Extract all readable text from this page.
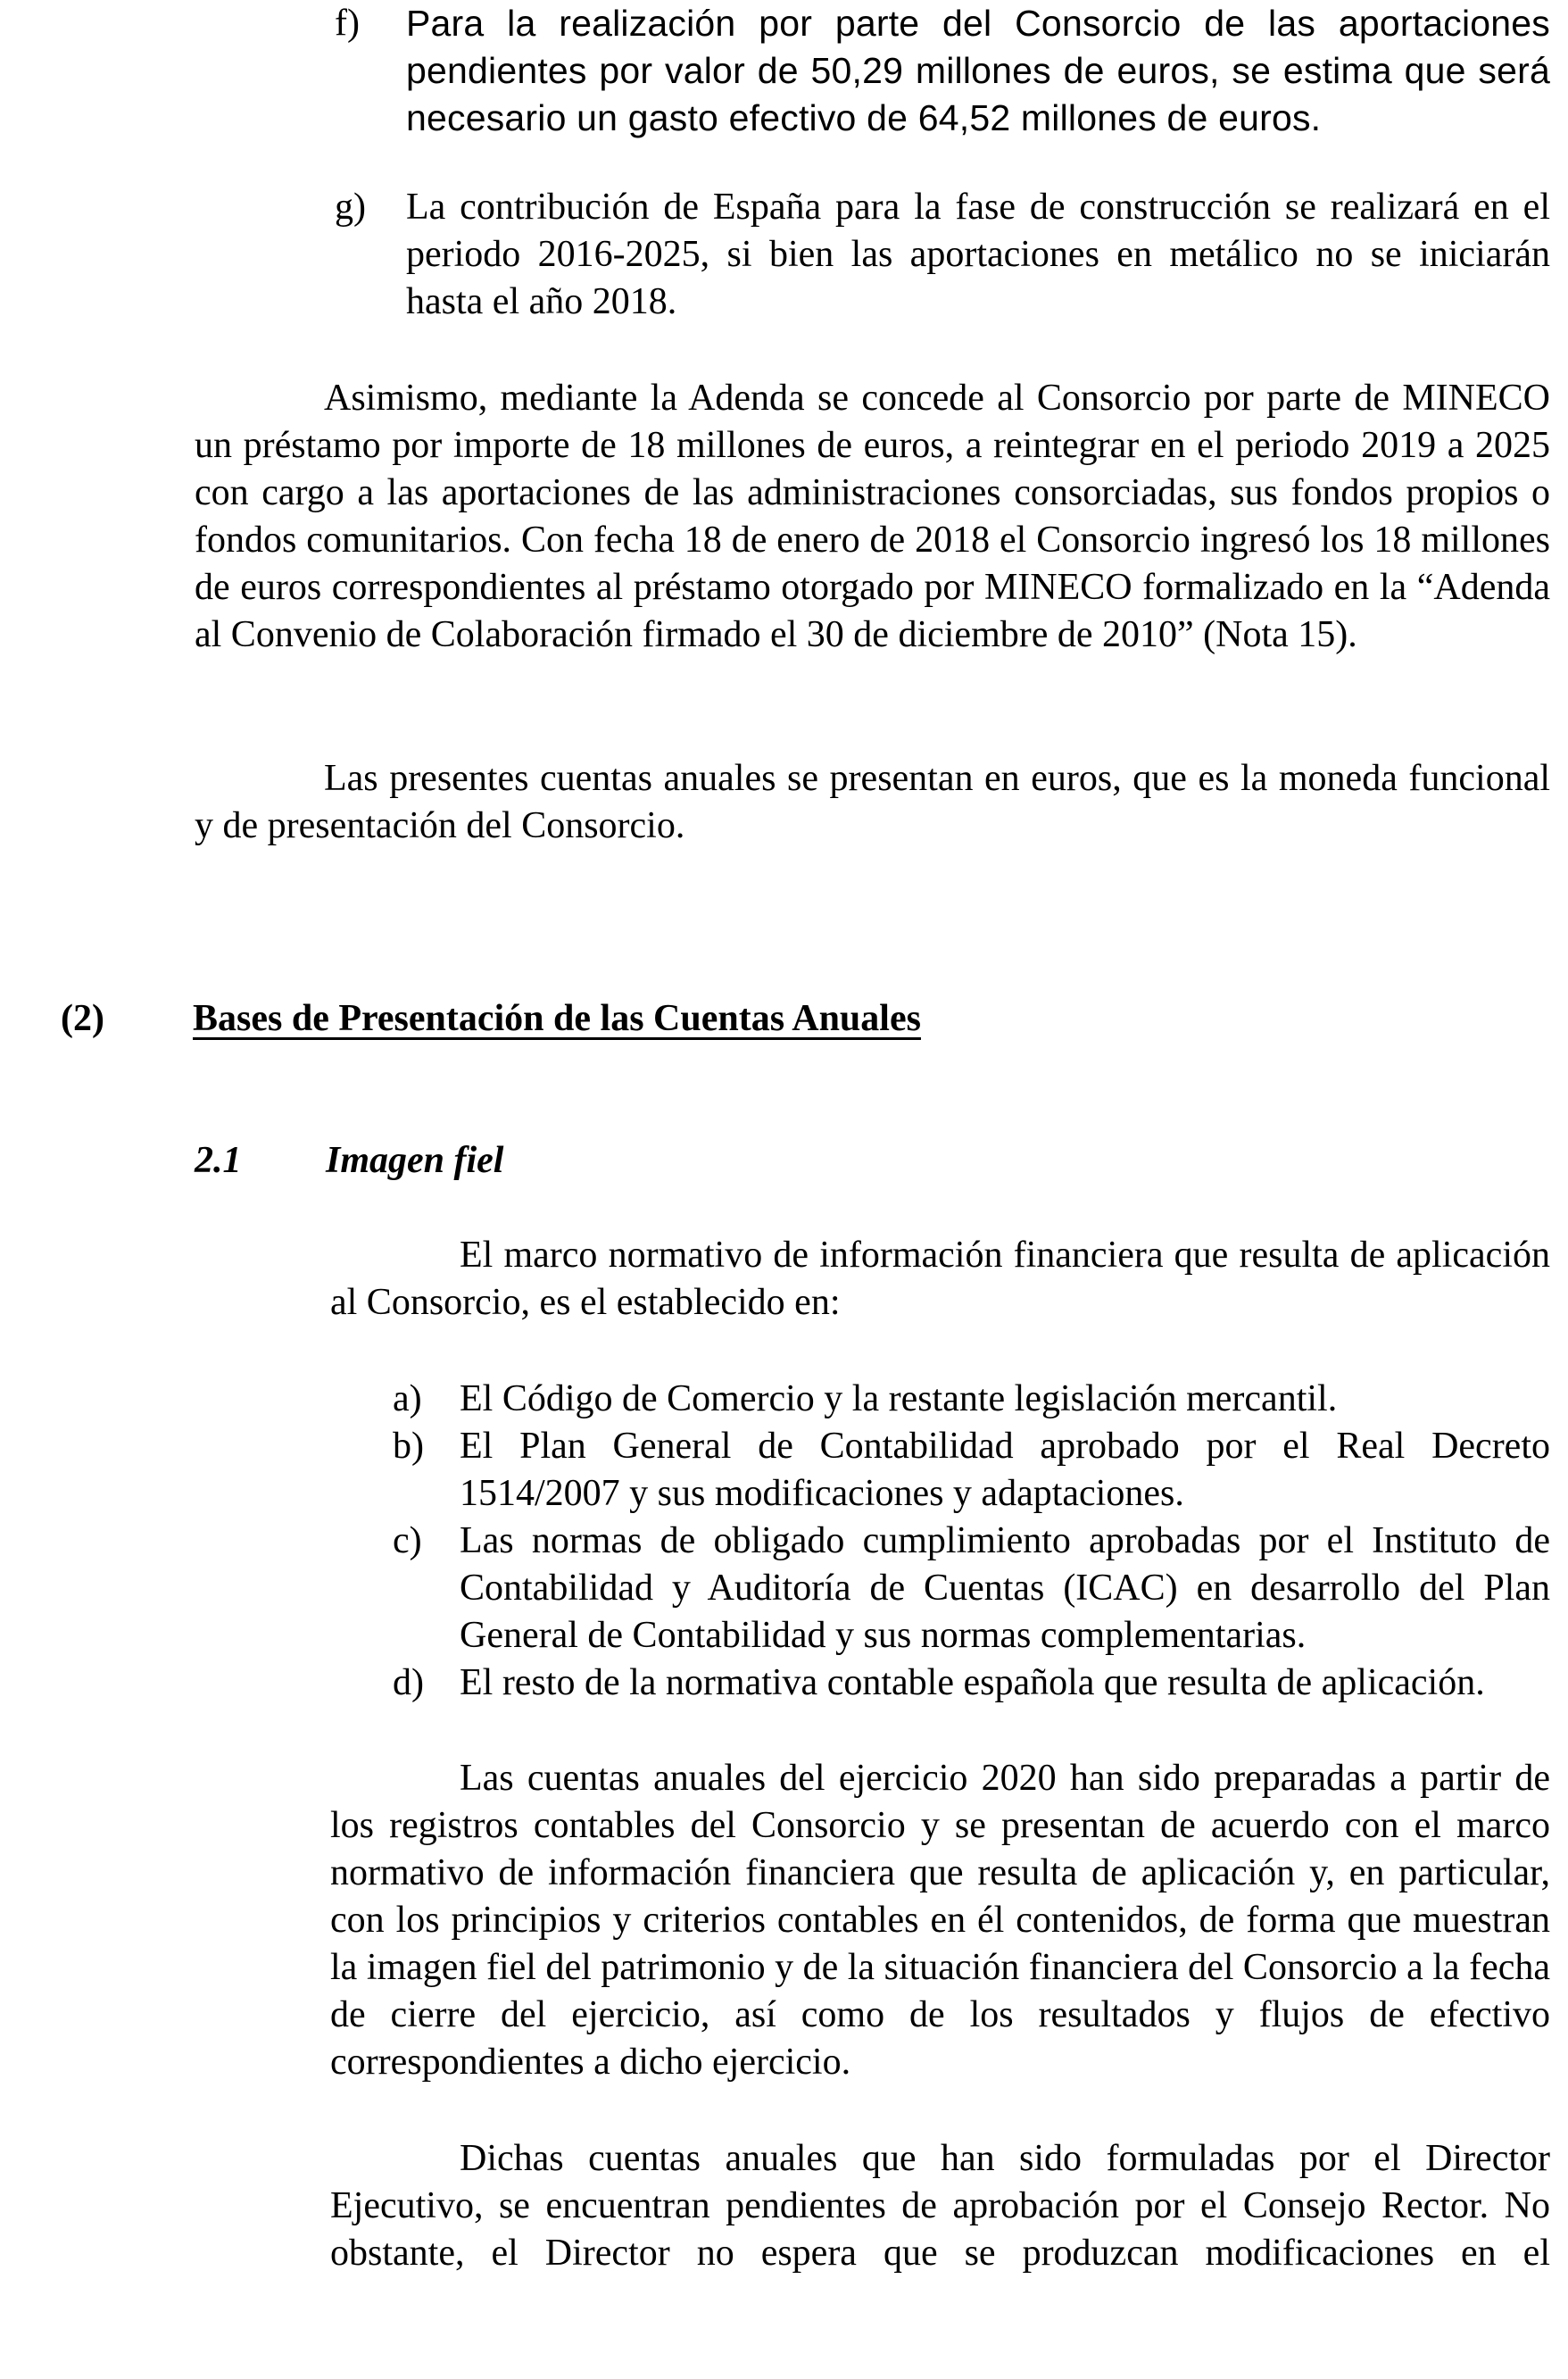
f) Para la realización por parte del Consorcio de las aportaciones pendientes por valor de 50,29 millones de euros, se estima que será necesario un gasto efectivo de 64,52 millones de euros.
g) La contribución de España para la fase de construcción se realizará en el periodo 2016-2025, si bien las aportaciones en metálico no se iniciarán hasta el año 2018.
Asimismo, mediante la Adenda se concede al Consorcio por parte de MINECO un préstamo por importe de 18 millones de euros, a reintegrar en el periodo 2019 a 2025 con cargo a las aportaciones de las administraciones consorciadas, sus fondos propios o fondos comunitarios. Con fecha 18 de enero de 2018 el Consorcio ingresó los 18 millones de euros correspondientes al préstamo otorgado por MINECO formalizado en la “Adenda al Convenio de Colaboración firmado el 30 de diciembre de 2010” (Nota 15).
Las presentes cuentas anuales se presentan en euros, que es la moneda funcional y de presentación del Consorcio.
(2) Bases de Presentación de las Cuentas Anuales
2.1 Imagen fiel
El marco normativo de información financiera que resulta de aplicación al Consorcio, es el establecido en:
a) El Código de Comercio y la restante legislación mercantil.
b) El Plan General de Contabilidad aprobado por el Real Decreto 1514/2007 y sus modificaciones y adaptaciones.
c) Las normas de obligado cumplimiento aprobadas por el Instituto de Contabilidad y Auditoría de Cuentas (ICAC) en desarrollo del Plan General de Contabilidad y sus normas complementarias.
d) El resto de la normativa contable española que resulta de aplicación.
Las cuentas anuales del ejercicio 2020 han sido preparadas a partir de los registros contables del Consorcio y se presentan de acuerdo con el marco normativo de información financiera que resulta de aplicación y, en particular, con los principios y criterios contables en él contenidos, de forma que muestran la imagen fiel del patrimonio y de la situación financiera del Consorcio a la fecha de cierre del ejercicio, así como de los resultados y flujos de efectivo correspondientes a dicho ejercicio.
Dichas cuentas anuales que han sido formuladas por el Director Ejecutivo, se encuentran pendientes de aprobación por el Consejo Rector. No obstante, el Director no espera que se produzcan modificaciones en el
